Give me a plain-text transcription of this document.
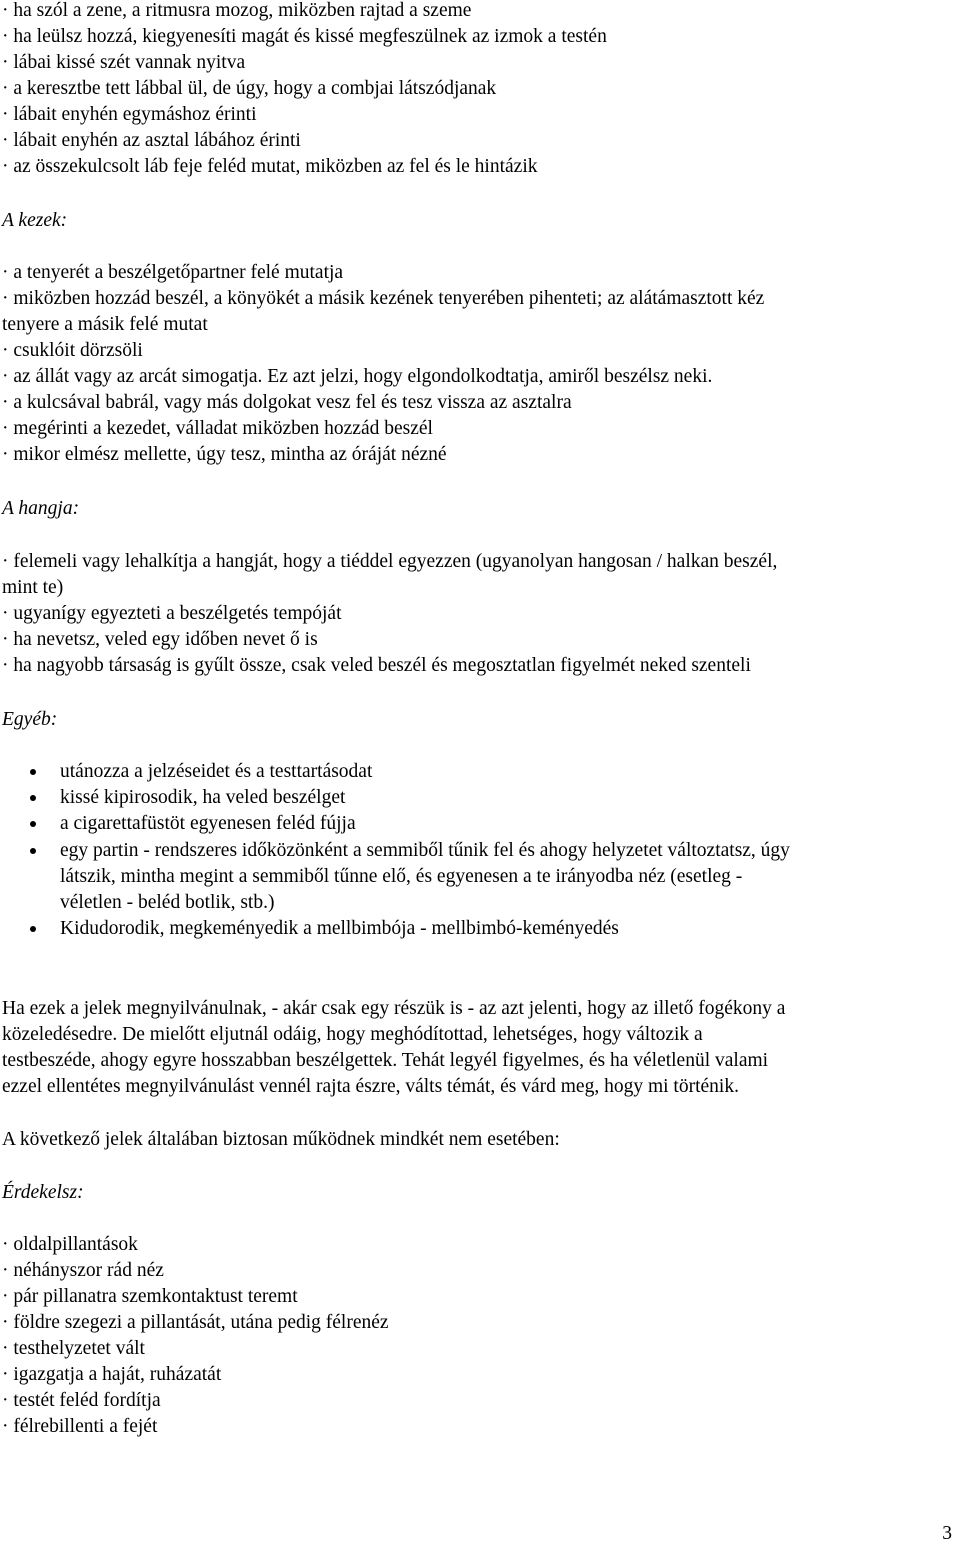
· ha szól a zene, a ritmusra mozog, miközben rajtad a szeme
· ha leülsz hozzá, kiegyenesíti magát és kissé megfeszülnek az izmok a testén
· lábai kissé szét vannak nyitva
· a keresztbe tett lábbal ül, de úgy, hogy a combjai látszódjanak
· lábait enyhén egymáshoz érinti
· lábait enyhén az asztal lábához érinti
· az összekulcsolt láb feje feléd mutat, miközben az fel és le hintázik
A kezek:
· a tenyerét a beszélgetőpartner felé mutatja
· miközben hozzád beszél, a könyökét a másik kezének tenyerében pihenteti; az alátámasztott kéz
tenyere a másik felé mutat
· csuklóit dörzsöli
· az állát vagy az arcát simogatja. Ez azt jelzi, hogy elgondolkodtatja, amiről beszélsz neki.
· a kulcsával babrál, vagy más dolgokat vesz fel és tesz vissza az asztalra
· megérinti a kezedet, válladat miközben hozzád beszél
· mikor elmész mellette, úgy tesz, mintha az óráját nézné
A hangja:
· felemeli vagy lehalkítja a hangját, hogy a tiéddel egyezzen (ugyanolyan hangosan / halkan beszél,
mint te)
· ugyanígy egyezteti a beszélgetés tempóját
· ha nevetsz, veled egy időben nevet ő is
· ha nagyobb társaság is gyűlt össze, csak veled beszél és megosztatlan figyelmét neked szenteli
Egyéb:
utánozza a jelzéseidet és a testtartásodat
kissé kipirosodik, ha veled beszélget
a cigarettafüstöt egyenesen feléd fújja
egy partin - rendszeres időközönként a semmiből tűnik fel és ahogy helyzetet változtatsz, úgy
látszik, mintha megint a semmiből tűnne elő, és egyenesen a te irányodba néz (esetleg -
véletlen - beléd botlik, stb.)
Kidudorodik, megkeményedik a mellbimbója - mellbimbó-keményedés
Ha ezek a jelek megnyilvánulnak, - akár csak egy részük is - az azt jelenti, hogy az illető fogékony a
közeledésedre. De mielőtt eljutnál odáig, hogy meghódítottad, lehetséges, hogy változik a
testbeszéde, ahogy egyre hosszabban beszélgettek. Tehát legyél figyelmes, és ha véletlenül valami
ezzel ellentétes megnyilvánulást vennél rajta észre, válts témát, és várd meg, hogy mi történik.
A következő jelek általában biztosan működnek mindkét nem esetében:
Érdekelsz:
· oldalpillantások
· néhányszor rád néz
· pár pillanatra szemkontaktust teremt
· földre szegezi a pillantását, utána pedig félrenéz
· testhelyzetet vált
· igazgatja a haját, ruházatát
· testét feléd fordítja
· félrebillenti a fejét
3
